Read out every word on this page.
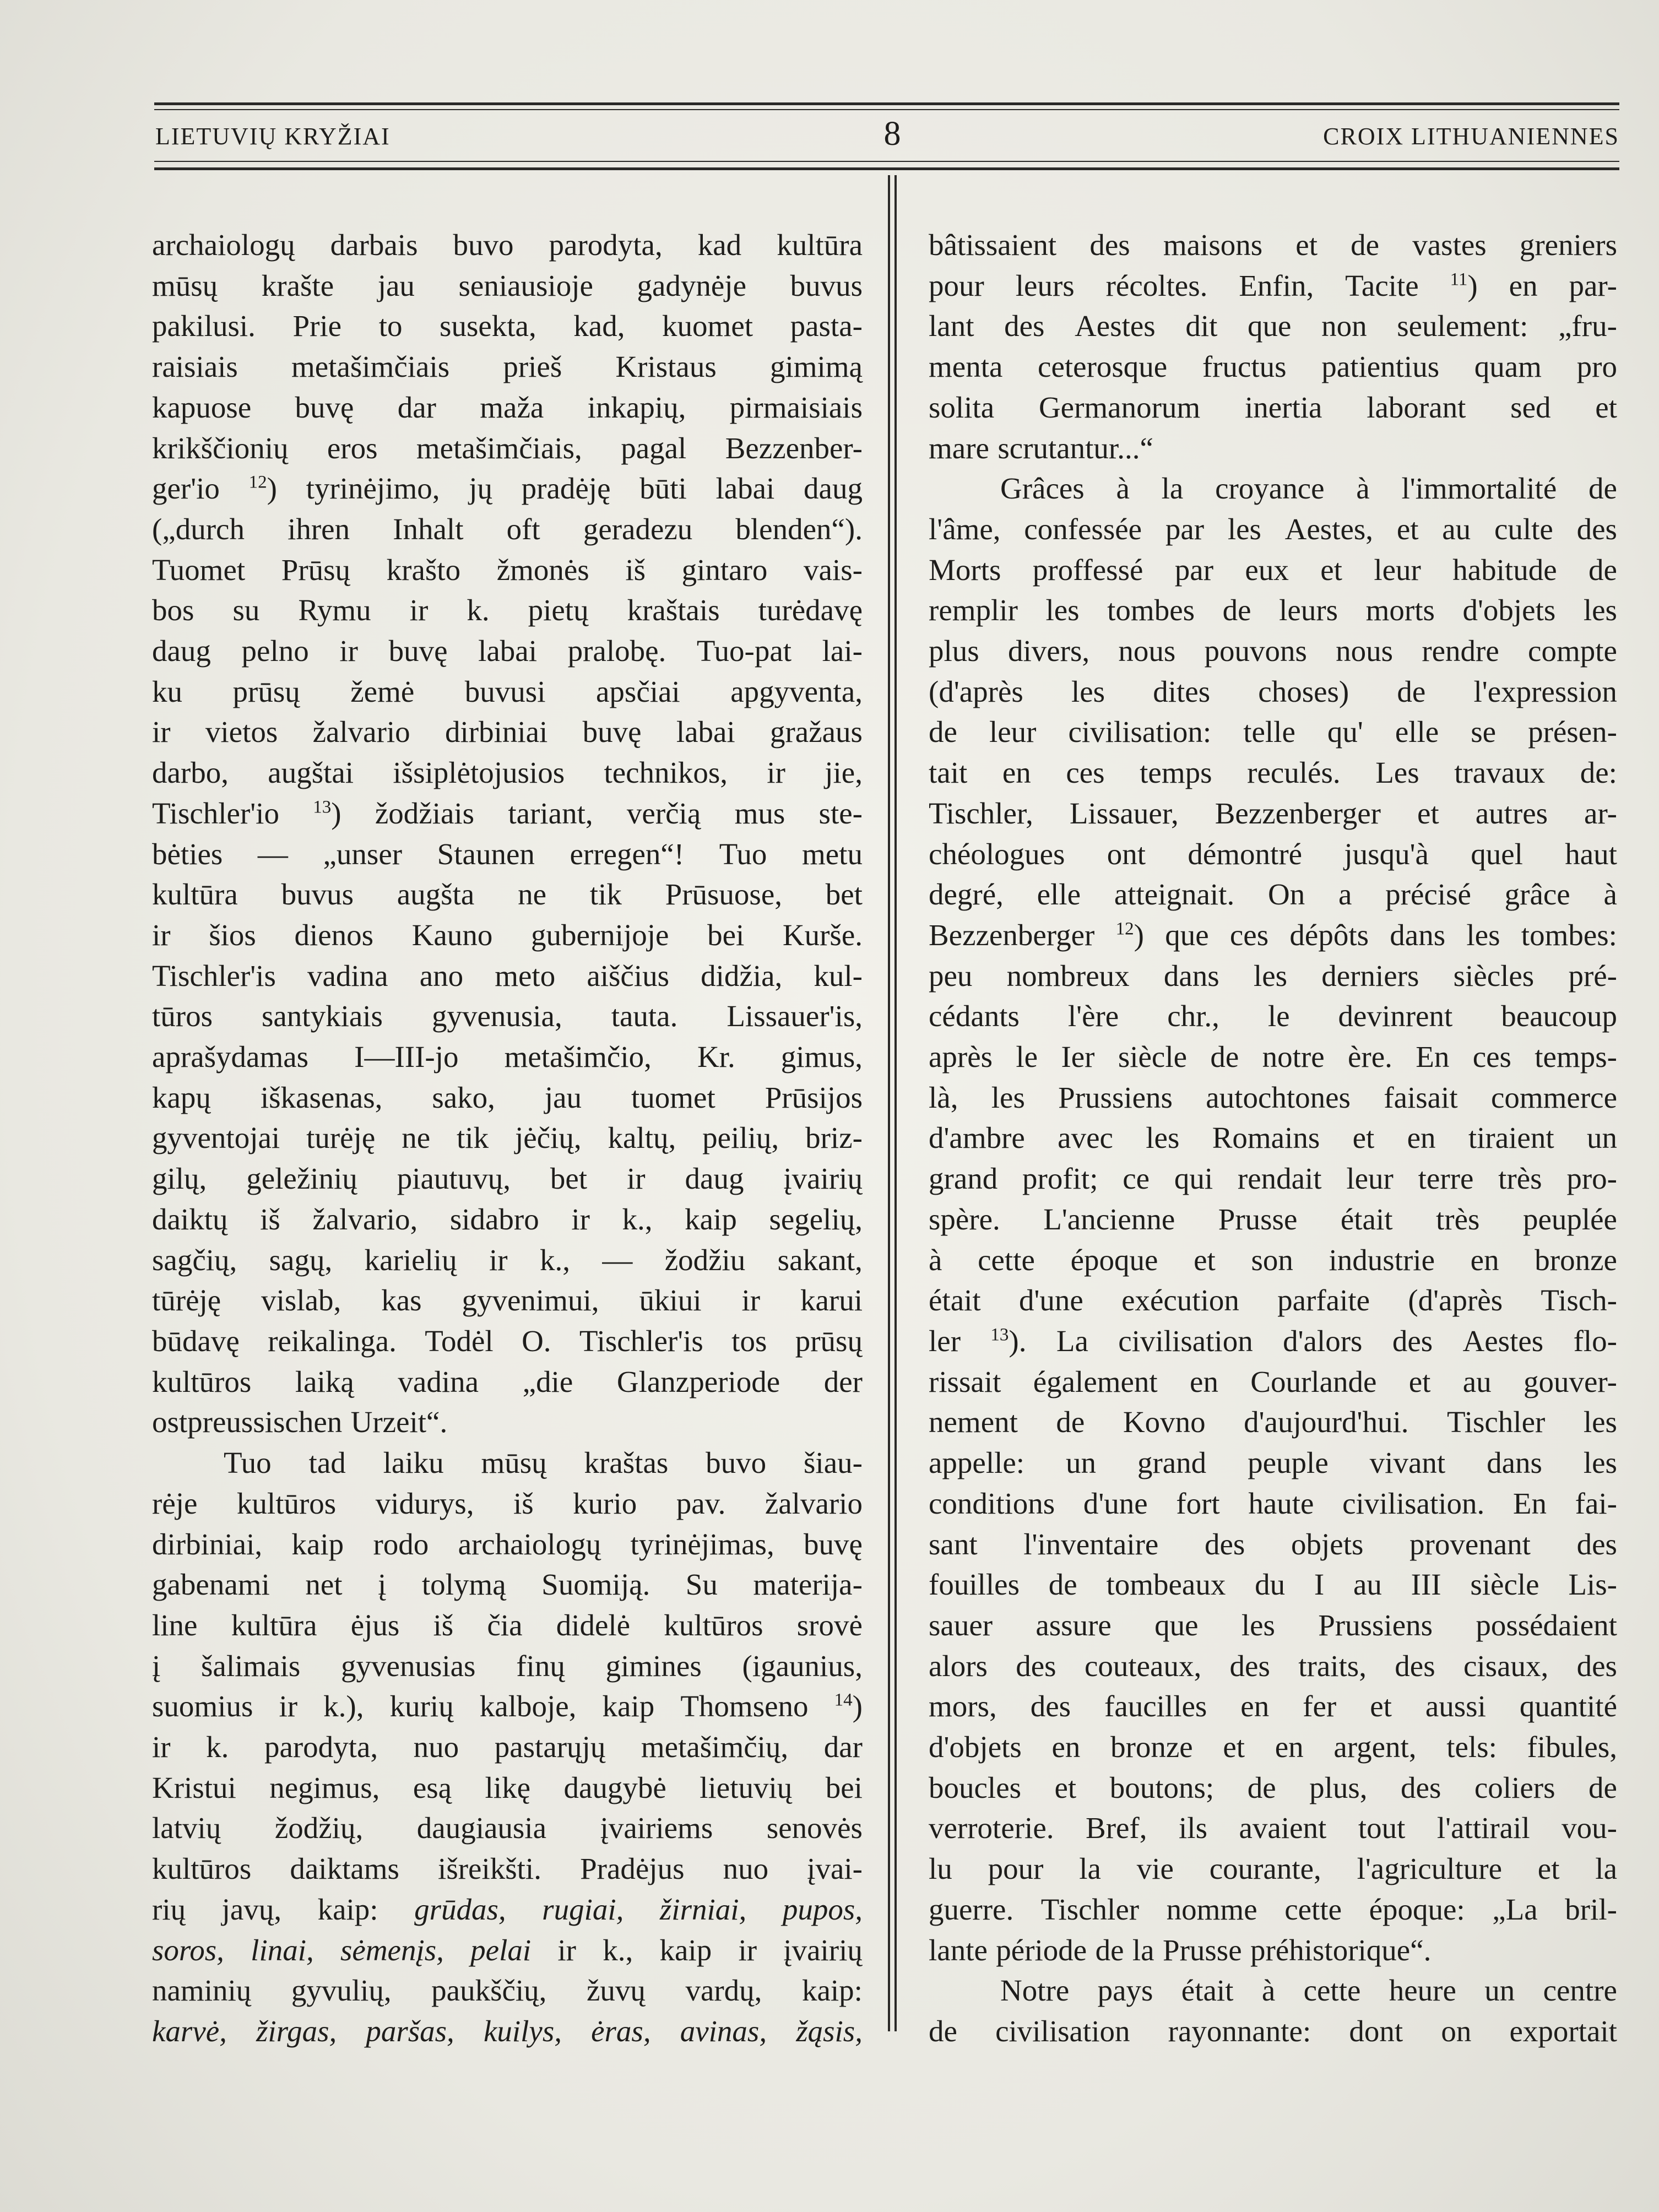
LIETUVIŲ KRYŽIAI	8	CROIX LITHUANIENNES
archaiologų darbais buvo parodyta, kad kultūra
mūsų krašte jau seniausioje gadynėje buvus
pakilusi. Prie to susekta, kad, kuomet pasta-
raisiais metašimčiais prieš Kristaus gimimą
kapuose buvę dar maža inkapių, pirmaisiais
krikščionių eros metašimčiais, pagal Bezzenber-
ger'io $^{12}$) tyrinėjimo, jų pradėję būti labai daug
(„durch ihren Inhalt oft geradezu blenden“).
Tuomet Prūsų krašto žmonės iš gintaro vais-
bos su Rymu ir k. pietų kraštais turėdavę
daug pelno ir buvę labai pralobę. Tuo-pat lai-
ku prūsų žemė buvusi apsčiai apgyventa,
ir vietos žalvario dirbiniai buvę labai gražaus
darbo, augštai išsiplėtojusios technikos, ir jie,
Tischler'io $^{13}$) žodžiais tariant, verčią mus ste-
bėties — „unser Staunen erregen“! Tuo metu
kultūra buvus augšta ne tik Prūsuose, bet
ir šios dienos Kauno gubernijoje bei Kurše.
Tischler'is vadina ano meto aiščius didžia, kul-
tūros santykiais gyvenusia, tauta. Lissauer'is,
aprašydamas I—III-jo metašimčio, Kr. gimus,
kapų iškasenas, sako, jau tuomet Prūsijos
gyventojai turėję ne tik jėčių, kaltų, peilių, briz-
gilų, geležinių piautuvų, bet ir daug įvairių
daiktų iš žalvario, sidabro ir k., kaip segelių,
sagčių, sagų, karielių ir k., — žodžiu sakant,
tūrėję vislab, kas gyvenimui, ūkiui ir karui
būdavę reikalinga. Todėl O. Tischler'is tos prūsų
kultūros laiką vadina „die Glanzperiode der
ostpreussischen Urzeit“.
Tuo tad laiku mūsų kraštas buvo šiau-
rėje kultūros vidurys, iš kurio pav. žalvario
dirbiniai, kaip rodo archaiologų tyrinėjimas, buvę
gabenami net į tolymą Suomiją. Su materija-
line kultūra ėjus iš čia didelė kultūros srovė
į šalimais gyvenusias finų gimines (igaunius,
suomius ir k.), kurių kalboje, kaip Thomseno $^{14}$)
ir k. parodyta, nuo pastarųjų metašimčių, dar
Kristui negimus, esą likę daugybė lietuvių bei
latvių žodžių, daugiausia įvairiems senovės
kultūros daiktams išreikšti. Pradėjus nuo įvai-
rių javų, kaip: grūdas, rugiai, žirniai, pupos,
soros, linai, sėmenįs, pelai ir k., kaip ir įvairių
naminių gyvulių, paukščių, žuvų vardų, kaip:
karvė, žirgas, paršas, kuilys, ėras, avinas, žąsis,
bâtissaient des maisons et de vastes greniers
pour leurs récoltes. Enfin, Tacite $^{11}$) en par-
lant des Aestes dit que non seulement: „fru-
menta ceterosque fructus patientius quam pro
solita Germanorum inertia laborant sed et
mare scrutantur...“
Grâces à la croyance à l'immortalité de
l'âme, confessée par les Aestes, et au culte des
Morts proffessé par eux et leur habitude de
remplir les tombes de leurs morts d'objets les
plus divers, nous pouvons nous rendre compte
(d'après les dites choses) de l'expression
de leur civilisation: telle qu' elle se présen-
tait en ces temps reculés. Les travaux de:
Tischler, Lissauer, Bezzenberger et autres ar-
chéologues ont démontré jusqu'à quel haut
degré, elle atteignait. On a précisé grâce à
Bezzenberger $^{12}$) que ces dépôts dans les tombes:
peu nombreux dans les derniers siècles pré-
cédants l'ère chr., le devinrent beaucoup
après le Ier siècle de notre ère. En ces temps-
là, les Prussiens autochtones faisait commerce
d'ambre avec les Romains et en tiraient un
grand profit; ce qui rendait leur terre très pro-
spère. L'ancienne Prusse était très peuplée
à cette époque et son industrie en bronze
était d'une exécution parfaite (d'après Tisch-
ler $^{13}$). La civilisation d'alors des Aestes flo-
rissait également en Courlande et au gouver-
nement de Kovno d'aujourd'hui. Tischler les
appelle: un grand peuple vivant dans les
conditions d'une fort haute civilisation. En fai-
sant l'inventaire des objets provenant des
fouilles de tombeaux du I au III siècle Lis-
sauer assure que les Prussiens possédaient
alors des couteaux, des traits, des cisaux, des
mors, des faucilles en fer et aussi quantité
d'objets en bronze et en argent, tels: fibules,
boucles et boutons; de plus, des coliers de
verroterie. Bref, ils avaient tout l'attirail vou-
lu pour la vie courante, l'agriculture et la
guerre. Tischler nomme cette époque: „La bril-
lante période de la Prusse préhistorique“.
Notre pays était à cette heure un centre
de civilisation rayonnante: dont on exportait
